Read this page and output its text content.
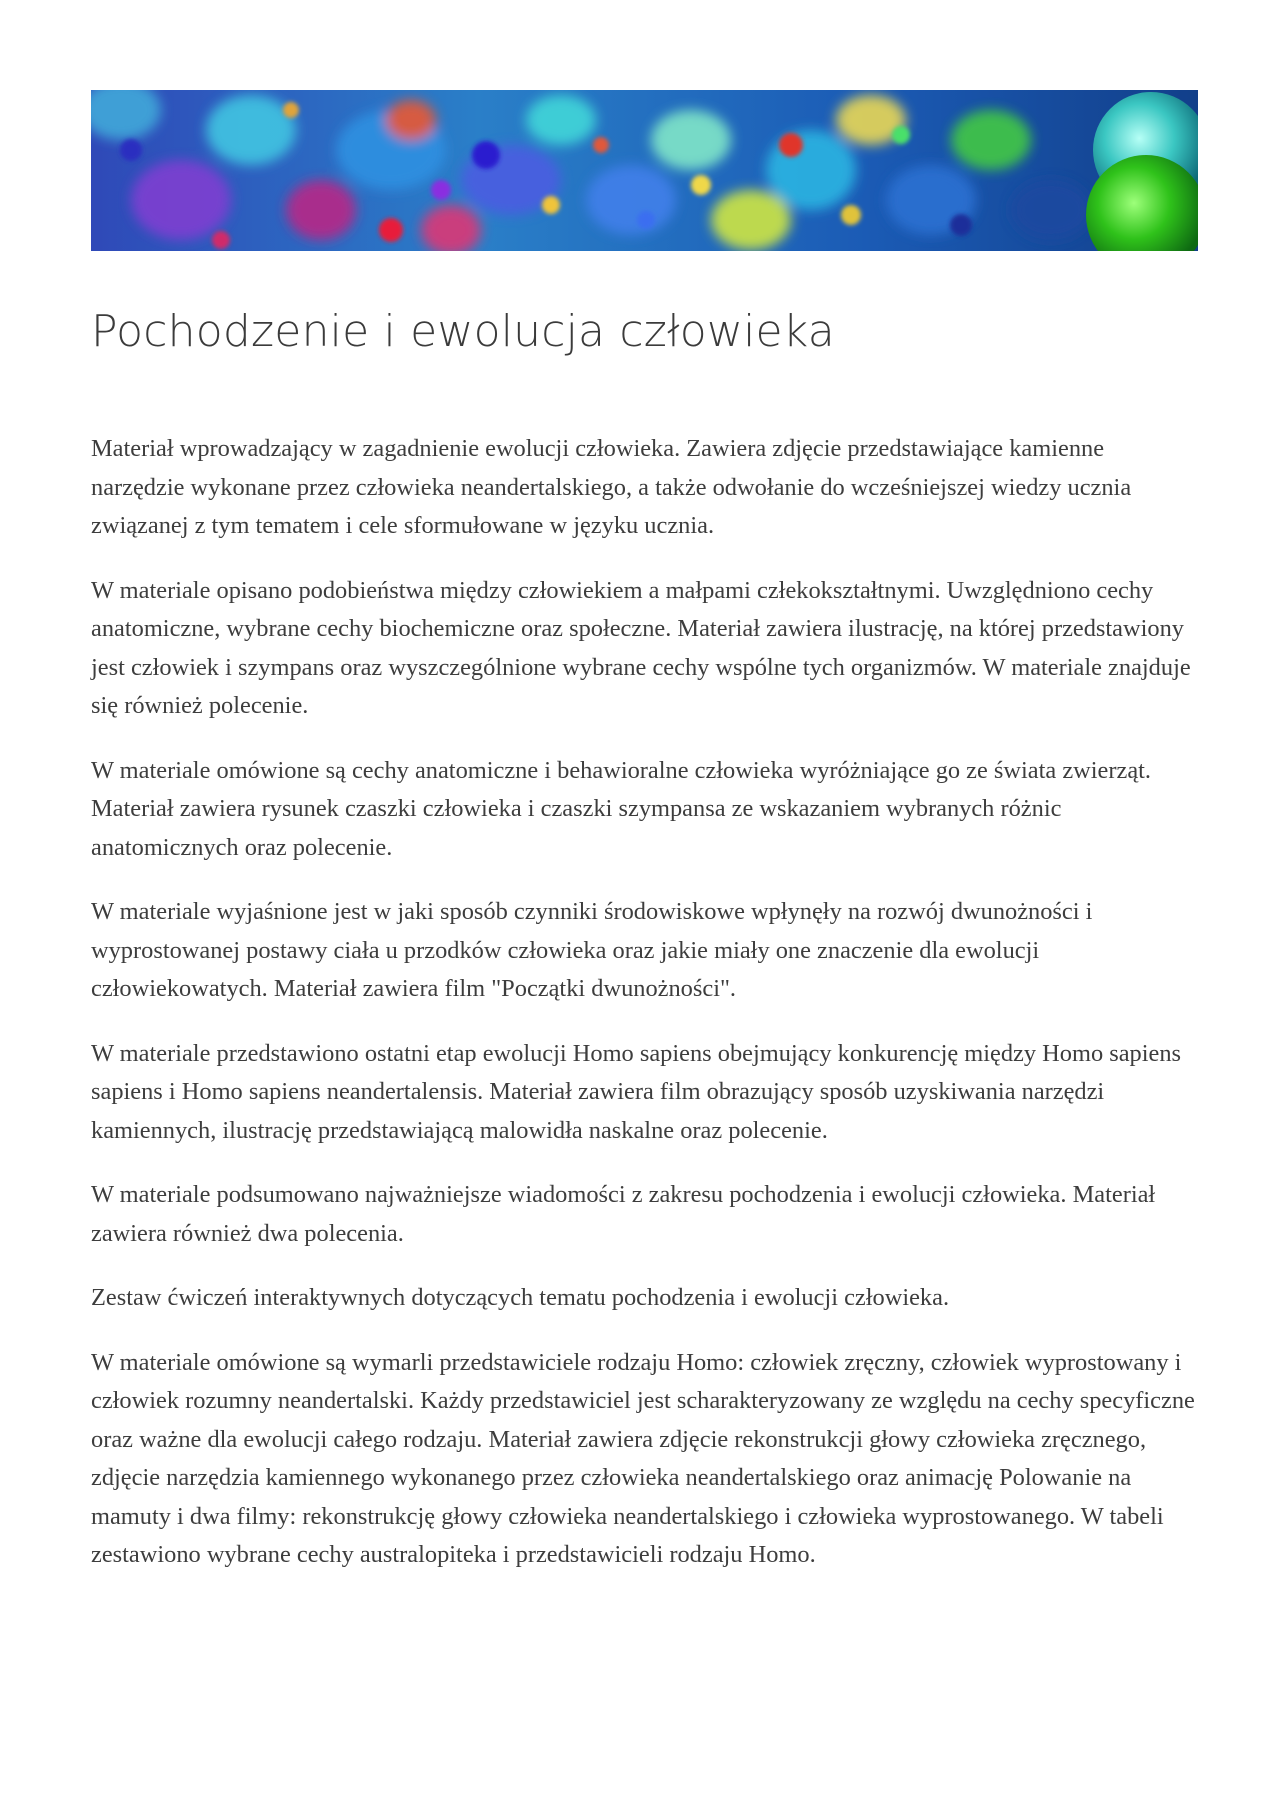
Pochodzenie i ewolucja człowieka

Materiał wprowadzający w zagadnienie ewolucji człowieka. Zawiera zdjęcie przedstawiające kamienne narzędzie wykonane przez człowieka neandertalskiego, a także odwołanie do wcześniejszej wiedzy ucznia związanej z tym tematem i cele sformułowane w języku ucznia.

W materiale opisano podobieństwa między człowiekiem a małpami człekokształtnymi. Uwzględniono cechy anatomiczne, wybrane cechy biochemiczne oraz społeczne. Materiał zawiera ilustrację, na której przedstawiony jest człowiek i szympans oraz wyszczególnione wybrane cechy wspólne tych organizmów. W materiale znajduje się również polecenie.

W materiale omówione są cechy anatomiczne i behawioralne człowieka wyróżniające go ze świata zwierząt. Materiał zawiera rysunek czaszki człowieka i czaszki szympansa ze wskazaniem wybranych różnic anatomicznych oraz polecenie.

W materiale wyjaśnione jest w jaki sposób czynniki środowiskowe wpłynęły na rozwój dwunożności i wyprostowanej postawy ciała u przodków człowieka oraz jakie miały one znaczenie dla ewolucji człowiekowatych. Materiał zawiera film "Początki dwunożności".

W materiale przedstawiono ostatni etap ewolucji Homo sapiens obejmujący konkurencję między Homo sapiens sapiens i Homo sapiens neandertalensis. Materiał zawiera film obrazujący sposób uzyskiwania narzędzi kamiennych, ilustrację przedstawiającą malowidła naskalne oraz polecenie.

W materiale podsumowano najważniejsze wiadomości z zakresu pochodzenia i ewolucji człowieka. Materiał zawiera również dwa polecenia.

Zestaw ćwiczeń interaktywnych dotyczących tematu pochodzenia i ewolucji człowieka.

W materiale omówione są wymarli przedstawiciele rodzaju Homo: człowiek zręczny, człowiek wyprostowany i człowiek rozumny neandertalski. Każdy przedstawiciel jest scharakteryzowany ze względu na cechy specyficzne oraz ważne dla ewolucji całego rodzaju. Materiał zawiera zdjęcie rekonstrukcji głowy człowieka zręcznego, zdjęcie narzędzia kamiennego wykonanego przez człowieka neandertalskiego oraz animację Polowanie na mamuty i dwa filmy: rekonstrukcję głowy człowieka neandertalskiego i człowieka wyprostowanego. W tabeli zestawiono wybrane cechy australopiteka i przedstawicieli rodzaju Homo.
